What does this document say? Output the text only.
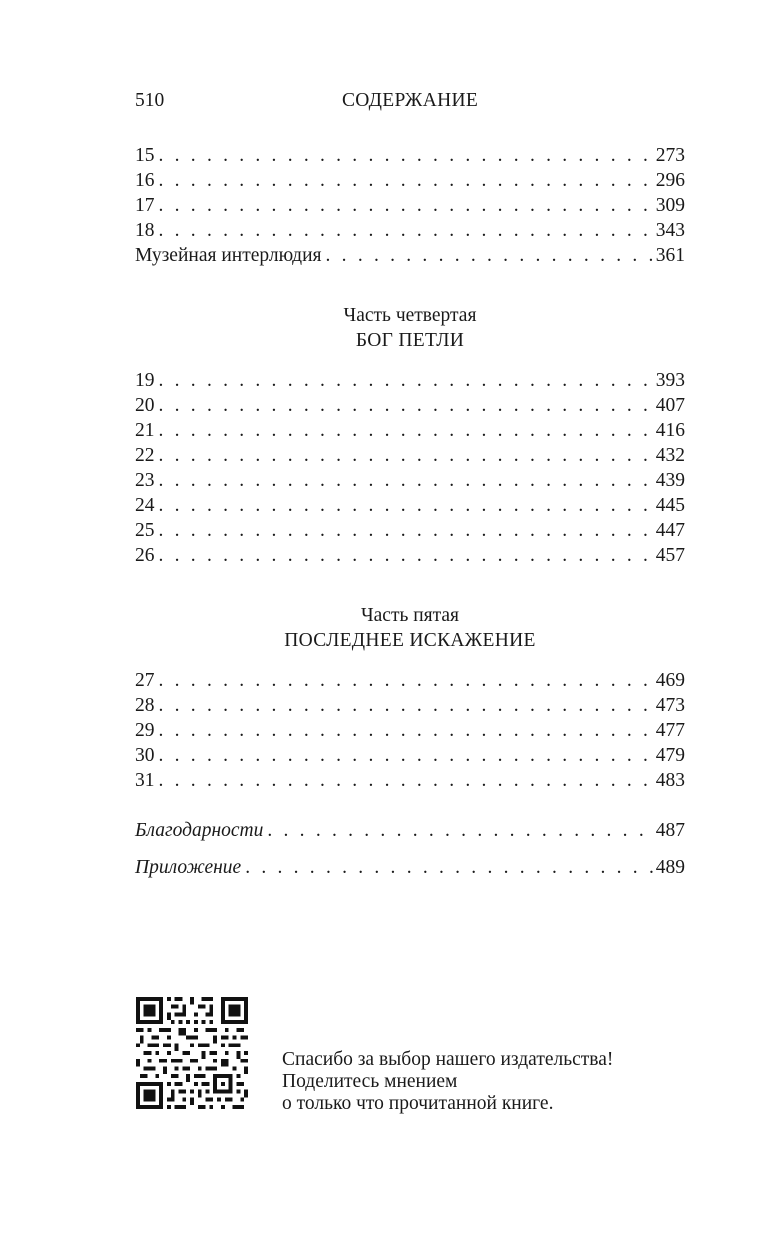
510	СОДЕРЖАНИЕ
15 . . .	273
16 . . .	296
17 . . .	309
18 . . .	343
Музейная интерлюдия . . .	361
Часть четвертая
БОГ ПЕТЛИ
19 . . .	393
20 . . .	407
21 . . .	416
22 . . .	432
23 . . .	439
24 . . .	445
25 . . .	447
26 . . .	457
Часть пятая
ПОСЛЕДНЕЕ ИСКАЖЕНИЕ
27 . . .	469
28 . . .	473
29 . . .	477
30 . . .	479
31 . . .	483
Благодарности . . .	487
Приложение . . .	489
Спасибо за выбор нашего издательства!
Поделитесь мнением
о только что прочитанной книге.
